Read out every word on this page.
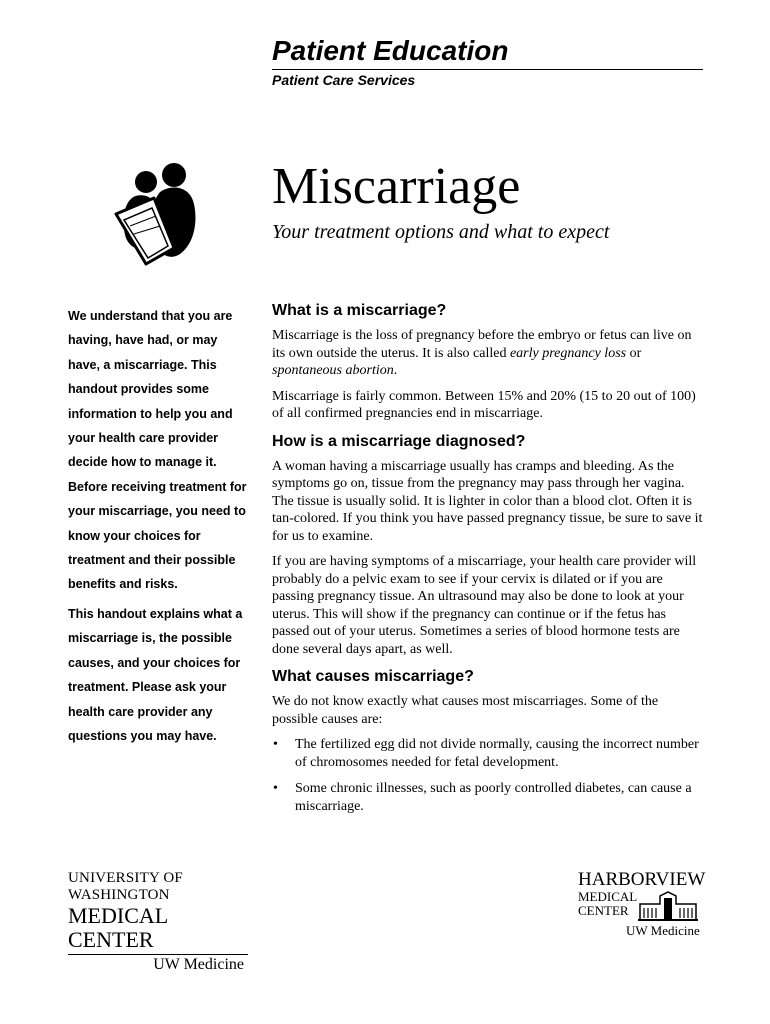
Patient Education
Patient Care Services
Miscarriage
Your treatment options and what to expect

We understand that you are having, have had, or may have, a miscarriage. This handout provides some information to help you and your health care provider decide how to manage it. Before receiving treatment for your miscarriage, you need to know your choices for treatment and their possible benefits and risks.

This handout explains what a miscarriage is, the possible causes, and your choices for treatment. Please ask your health care provider any questions you may have.

What is a miscarriage?

Miscarriage is the loss of pregnancy before the embryo or fetus can live on its own outside the uterus. It is also called early pregnancy loss or spontaneous abortion.

Miscarriage is fairly common. Between 15% and 20% (15 to 20 out of 100) of all confirmed pregnancies end in miscarriage.

How is a miscarriage diagnosed?

A woman having a miscarriage usually has cramps and bleeding. As the symptoms go on, tissue from the pregnancy may pass through her vagina. The tissue is usually solid. It is lighter in color than a blood clot. Often it is tan-colored. If you think you have passed pregnancy tissue, be sure to save it for us to examine.

If you are having symptoms of a miscarriage, your health care provider will probably do a pelvic exam to see if your cervix is dilated or if you are passing pregnancy tissue. An ultrasound may also be done to look at your uterus. This will show if the pregnancy can continue or if the fetus has passed out of your uterus. Sometimes a series of blood hormone tests are done several days apart, as well.

What causes miscarriage?

We do not know exactly what causes most miscarriages. Some of the possible causes are:

• The fertilized egg did not divide normally, causing the incorrect number of chromosomes needed for fetal development.
• Some chronic illnesses, such as poorly controlled diabetes, can cause a miscarriage.
UNIVERSITY OF WASHINGTON
MEDICAL CENTER
UW Medicine
HARBORVIEW
MEDICAL
CENTER
UW Medicine
